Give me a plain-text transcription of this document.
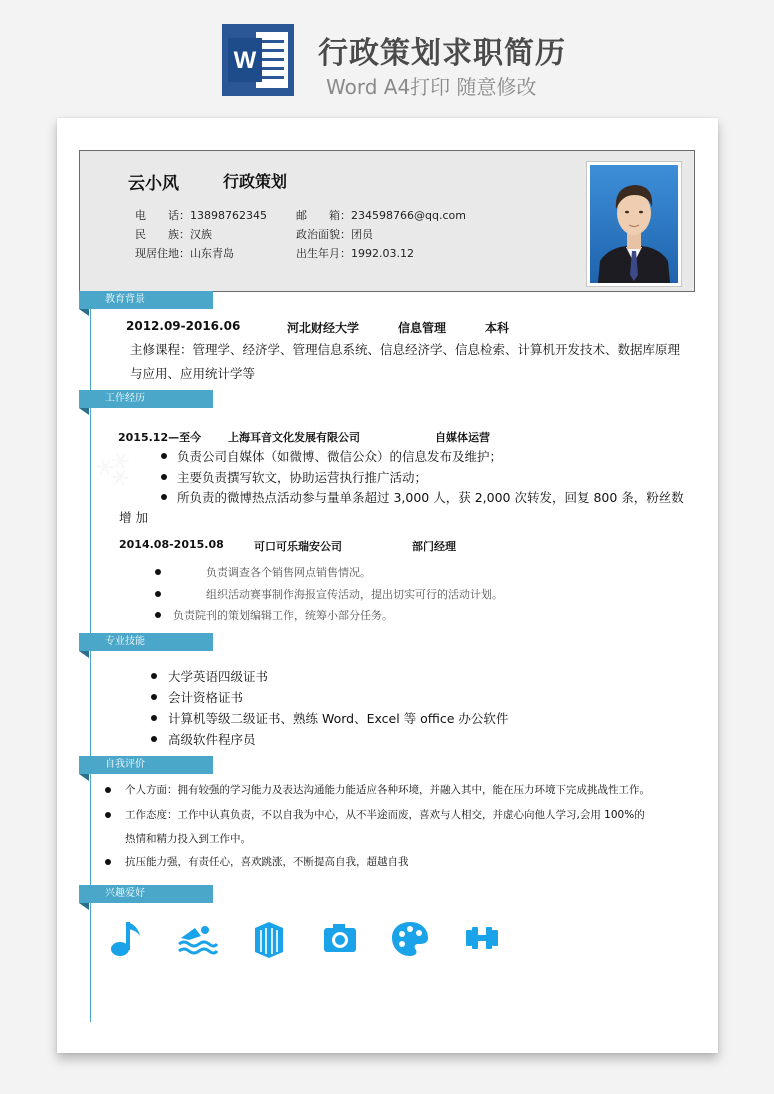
W 行政策划求职简历
Word A4打印 随意修改
⁂
云小风	行政策划
电　　话：13898762345	邮　　箱：234598766@qq.com
民　　族：汉族	政治面貌：团员
现居住地：山东青岛	出生年月：1992.03.12
教育背景
2012.09-2016.06	河北财经大学	信息管理	本科
主修课程：管理学、经济学、管理信息系统、信息经济学、信息检索、计算机开发技术、数据库原理
与应用、应用统计学等
工作经历
2015.12—至今 上海耳音文化发展有限公司	自媒体运营
负责公司自媒体（如微博、微信公众）的信息发布及维护；
主要负责撰写软文，协助运营执行推广活动；
所负责的微博热点活动参与量单条超过 3,000 人，获 2,000 次转发，回复 800 条，粉丝数
增 加
2014.08-2015.08	可口可乐瑞安公司	部门经理
负责调查各个销售网点销售情况。
组织活动赛事制作海报宣传活动，提出切实可行的活动计划。
负责院刊的策划编辑工作，统筹小部分任务。
专业技能
大学英语四级证书
会计资格证书
计算机等级二级证书、熟练 Word、Excel 等 office 办公软件
高级软件程序员
自我评价
个人方面：拥有较强的学习能力及表达沟通能力能适应各种环境，并融入其中，能在压力环境下完成挑战性工作。
工作态度：工作中认真负责，不以自我为中心，从不半途而废，喜欢与人相交，并虚心向他人学习,会用 100%的
热情和精力投入到工作中。
抗压能力强，有责任心，喜欢跳涨，不断提高自我，超越自我
兴趣爱好
